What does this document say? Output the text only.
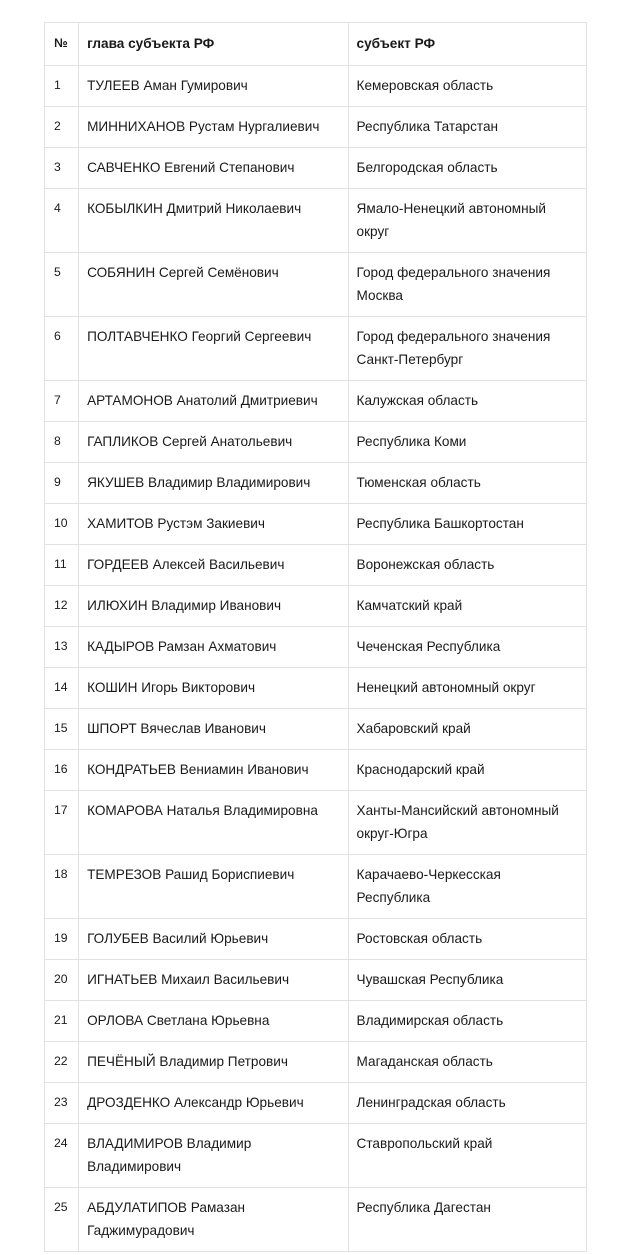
№	глава субъекта РФ	субъект РФ
1	ТУЛЕЕВ Аман Гумирович	Кемеровская область
2	МИННИХАНОВ Рустам Нургалиевич	Республика Татарстан
3	САВЧЕНКО Евгений Степанович	Белгородская область
4	КОБЫЛКИН Дмитрий Николаевич	Ямало-Ненецкий автономный округ
5	СОБЯНИН Сергей Семёнович	Город федерального значения Москва
6	ПОЛТАВЧЕНКО Георгий Сергеевич	Город федерального значения Санкт-Петербург
7	АРТАМОНОВ Анатолий Дмитриевич	Калужская область
8	ГАПЛИКОВ Сергей Анатольевич	Республика Коми
9	ЯКУШЕВ Владимир Владимирович	Тюменская область
10	ХАМИТОВ Рустэм Закиевич	Республика Башкортостан
11	ГОРДЕЕВ Алексей Васильевич	Воронежская область
12	ИЛЮХИН Владимир Иванович	Камчатский край
13	КАДЫРОВ Рамзан Ахматович	Чеченская Республика
14	КОШИН Игорь Викторович	Ненецкий автономный округ
15	ШПОРТ Вячеслав Иванович	Хабаровский край
16	КОНДРАТЬЕВ Вениамин Иванович	Краснодарский край
17	КОМАРОВА Наталья Владимировна	Ханты-Мансийский автономный округ-Югра
18	ТЕМРЕЗОВ Рашид Бориспиевич	Карачаево-Черкесская Республика
19	ГОЛУБЕВ Василий Юрьевич	Ростовская область
20	ИГНАТЬЕВ Михаил Васильевич	Чувашская Республика
21	ОРЛОВА Светлана Юрьевна	Владимирская область
22	ПЕЧЁНЫЙ Владимир Петрович	Магаданская область
23	ДРОЗДЕНКО Александр Юрьевич	Ленинградская область
24	ВЛАДИМИРОВ Владимир Владимирович	Ставропольский край
25	АБДУЛАТИПОВ Рамазан Гаджимурадович	Республика Дагестан
